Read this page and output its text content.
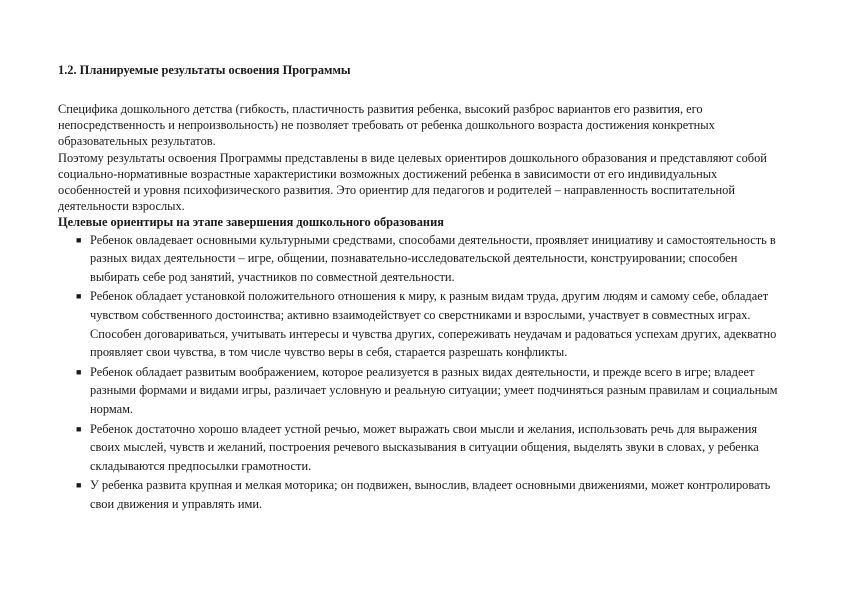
1.2. Планируемые результаты освоения Программы

Специфика дошкольного детства (гибкость, пластичность развития ребенка, высокий разброс вариантов его развития, его непосредственность и непроизвольность) не позволяет требовать от ребенка дошкольного возраста достижения конкретных образовательных результатов.

Поэтому результаты освоения Программы представлены в виде целевых ориентиров дошкольного образования и представляют собой социально-нормативные возрастные характеристики возможных достижений ребенка в зависимости от его индивидуальных особенностей и уровня психофизического развития. Это ориентир для педагогов и родителей – направленность воспитательной деятельности взрослых.

Целевые ориентиры на этапе завершения дошкольного образования
■ Ребенок овладевает основными культурными средствами, способами деятельности, проявляет инициативу и самостоятельность в разных видах деятельности – игре, общении, познавательно-исследовательской деятельности, конструировании; способен выбирать себе род занятий, участников по совместной деятельности.
■ Ребенок обладает установкой положительного отношения к миру, к разным видам труда, другим людям и самому себе, обладает чувством собственного достоинства; активно взаимодействует со сверстниками и взрослыми, участвует в совместных играх. Способен договариваться, учитывать интересы и чувства других, сопереживать неудачам и радоваться успехам других, адекватно проявляет свои чувства, в том числе чувство веры в себя, старается разрешать конфликты.
■ Ребенок обладает развитым воображением, которое реализуется в разных видах деятельности, и прежде всего в игре; владеет разными формами и видами игры, различает условную и реальную ситуации; умеет подчиняться разным правилам и социальным нормам.
■ Ребенок достаточно хорошо владеет устной речью, может выражать свои мысли и желания, использовать речь для выражения своих мыслей, чувств и желаний, построения речевого высказывания в ситуации общения, выделять звуки в словах, у ребенка складываются предпосылки грамотности.
■ У ребенка развита крупная и мелкая моторика; он подвижен, вынослив, владеет основными движениями, может контролировать свои движения и управлять ими.
